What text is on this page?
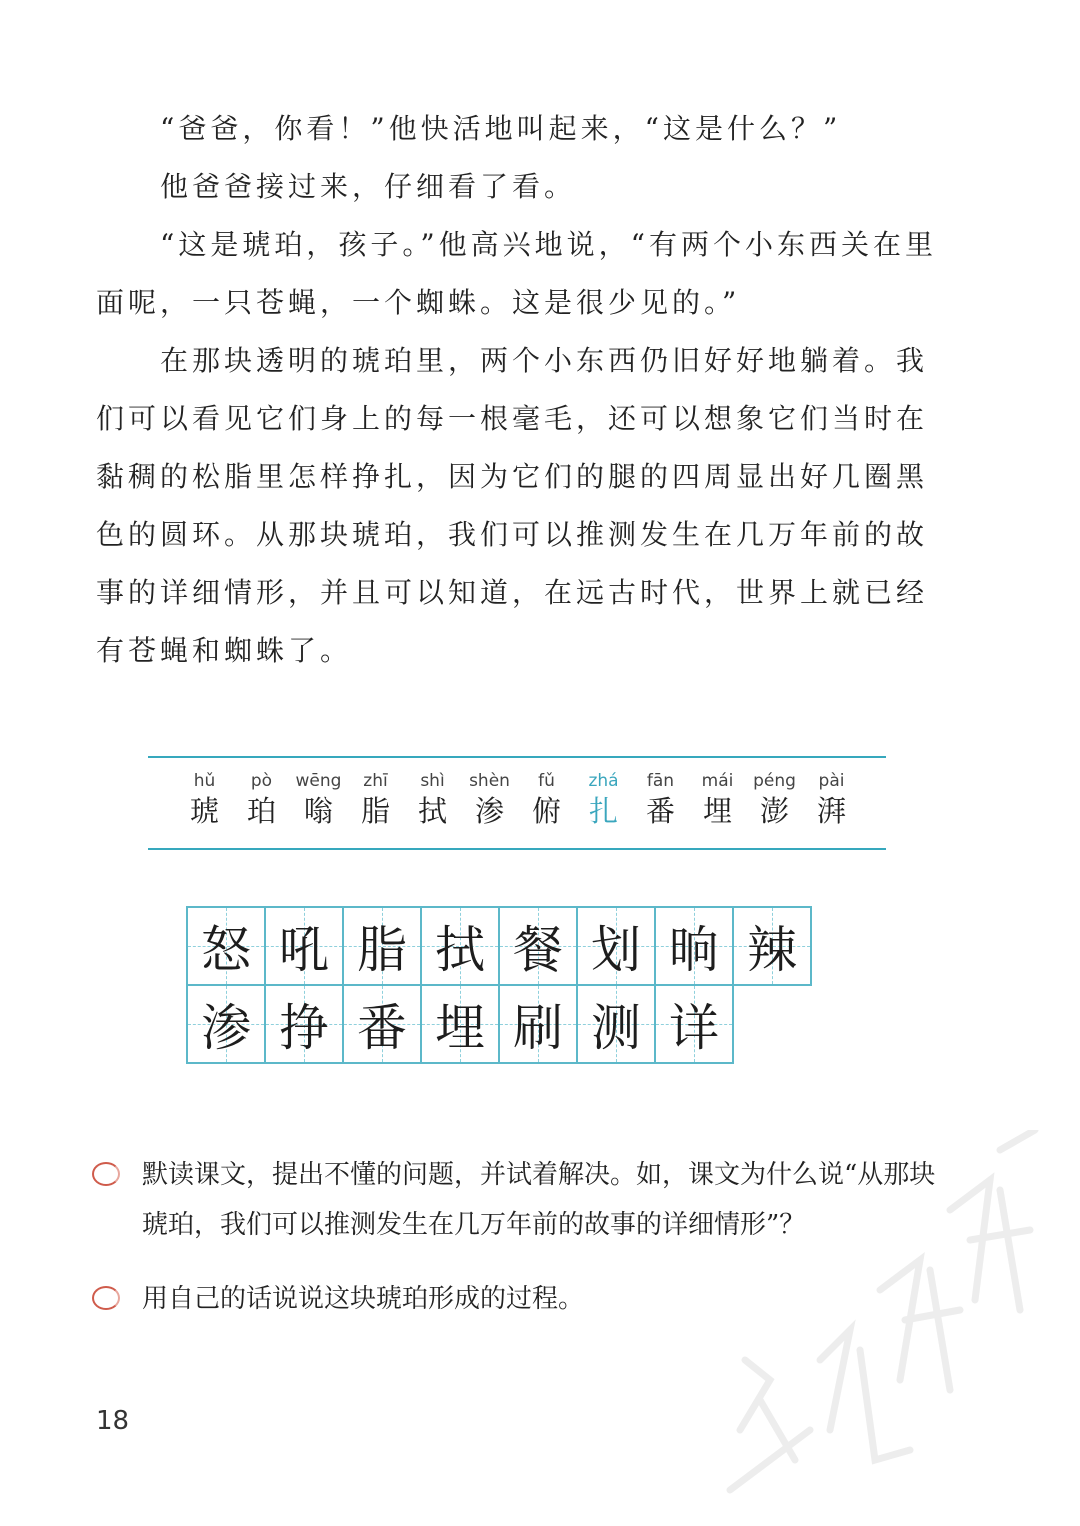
“爸爸，你看！”他快活地叫起来，“这是什么？”

他爸爸接过来，仔细看了看。

“这是琥珀，孩子。”他高兴地说，“有两个小东西关在里面呢，一只苍蝇，一个蜘蛛。这是很少见的。”

在那块透明的琥珀里，两个小东西仍旧好好地躺着。我们可以看见它们身上的每一根毫毛，还可以想象它们当时在黏稠的松脂里怎样挣扎，因为它们的腿的四周显出好几圈黑色的圆环。从那块琥珀，我们可以推测发生在几万年前的故事的详细情形，并且可以知道，在远古时代，世界上就已经有苍蝇和蜘蛛了。

hǔ
琥
pò
珀
wēng
嗡
zhī
脂
shì
拭
shèn
渗
fǔ
俯
zhá
扎
fān
番
mái
埋
péng
澎
pài
湃
怒 吼 脂 拭 餐 划 晌 辣
渗 挣 番 埋 刷 测 详
默读课文，提出不懂的问题，并试着解决。如，课文为什么说“从那块琥珀，我们可以推测发生在几万年前的故事的详细情形”？
用自己的话说说这块琥珀形成的过程。
18
